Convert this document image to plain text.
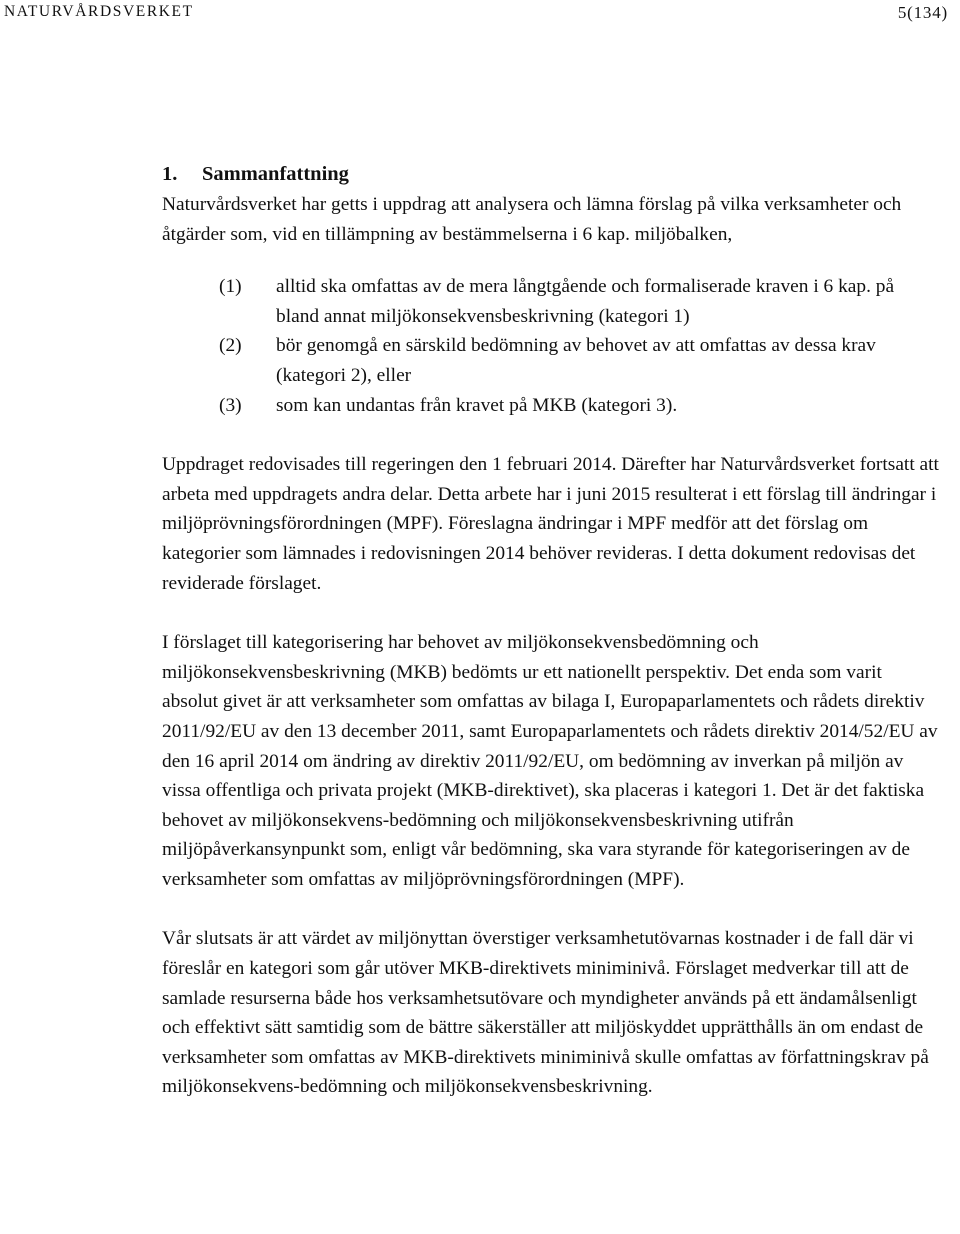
NATURVÅRDSVERKET	5(134)
1. Sammanfattning

Naturvårdsverket har getts i uppdrag att analysera och lämna förslag på vilka verksamheter och åtgärder som, vid en tillämpning av bestämmelserna i 6 kap. miljöbalken,

(1) alltid ska omfattas av de mera långtgående och formaliserade kraven i 6 kap. på bland annat miljökonsekvensbeskrivning (kategori 1)
(2) bör genomgå en särskild bedömning av behovet av att omfattas av dessa krav (kategori 2), eller
(3) som kan undantas från kravet på MKB (kategori 3).

Uppdraget redovisades till regeringen den 1 februari 2014. Därefter har Naturvårdsverket fortsatt att arbeta med uppdragets andra delar. Detta arbete har i juni 2015 resulterat i ett förslag till ändringar i miljöprövningsförordningen (MPF). Föreslagna ändringar i MPF medför att det förslag om kategorier som lämnades i redovisningen 2014 behöver revideras. I detta dokument redovisas det reviderade förslaget.

I förslaget till kategorisering har behovet av miljökonsekvensbedömning och miljökonsekvensbeskrivning (MKB) bedömts ur ett nationellt perspektiv. Det enda som varit absolut givet är att verksamheter som omfattas av bilaga I, Europaparlamentets och rådets direktiv 2011/92/EU av den 13 december 2011, samt Europaparlamentets och rådets direktiv 2014/52/EU av den 16 april 2014 om ändring av direktiv 2011/92/EU, om bedömning av inverkan på miljön av vissa offentliga och privata projekt (MKB-direktivet), ska placeras i kategori 1. Det är det faktiska behovet av miljökonsekvens-bedömning och miljökonsekvensbeskrivning utifrån miljöpåverkansynpunkt som, enligt vår bedömning, ska vara styrande för kategoriseringen av de verksamheter som omfattas av miljöprövningsförordningen (MPF).

Vår slutsats är att värdet av miljönyttan överstiger verksamhetutövarnas kostnader i de fall där vi föreslår en kategori som går utöver MKB-direktivets miniminivå. Förslaget medverkar till att de samlade resurserna både hos verksamhetsutövare och myndigheter används på ett ändamålsenligt och effektivt sätt samtidig som de bättre säkerställer att miljöskyddet upprätthålls än om endast de verksamheter som omfattas av MKB-direktivets miniminivå skulle omfattas av författningskrav på miljökonsekvens-bedömning och miljökonsekvensbeskrivning.
